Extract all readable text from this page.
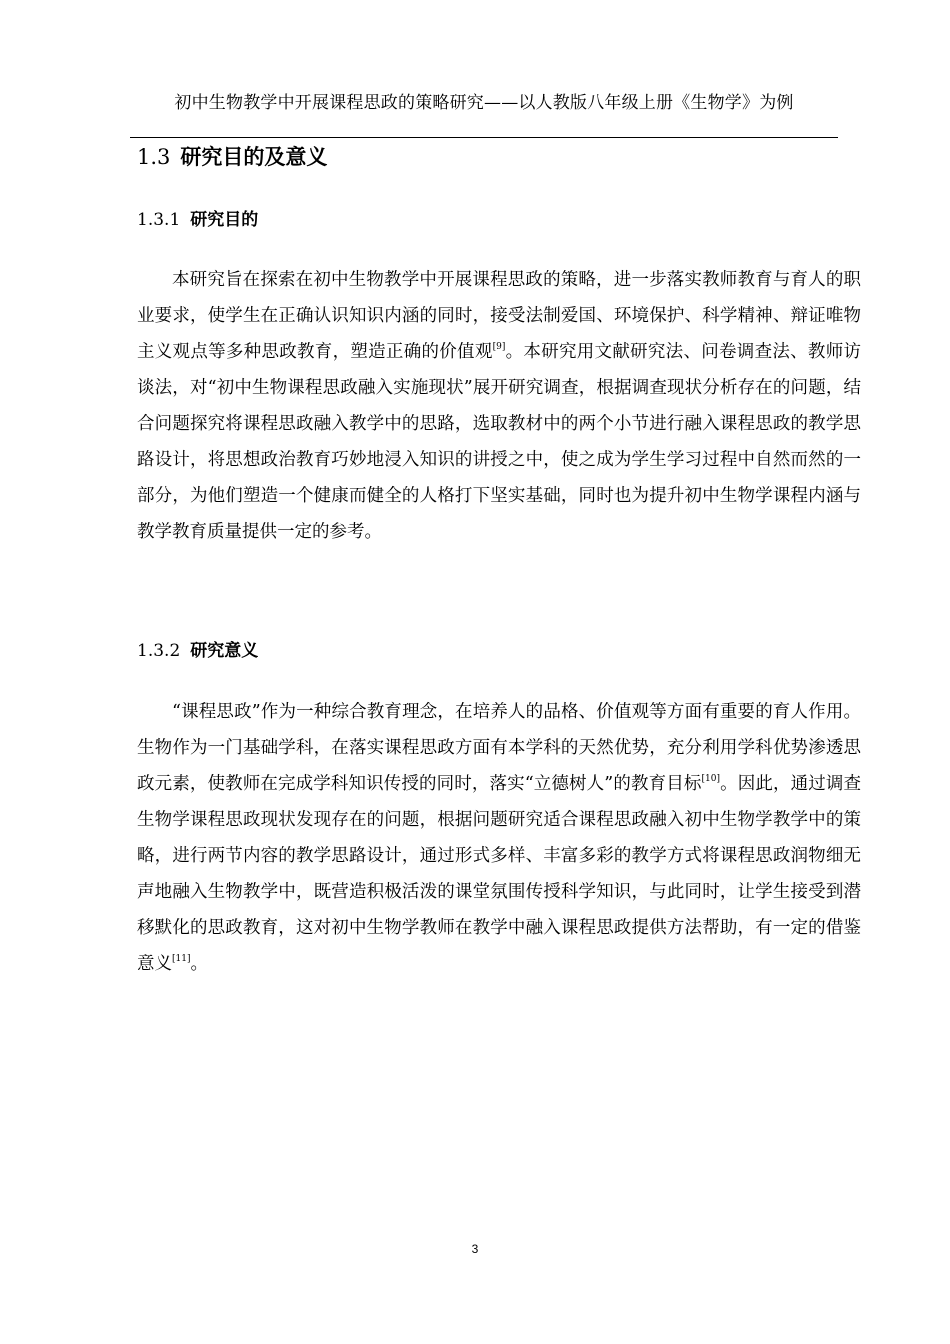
初中生物教学中开展课程思政的策略研究——以人教版八年级上册《生物学》为例
1.3 研究目的及意义
1.3.1 研究目的

本研究旨在探索在初中生物教学中开展课程思政的策略，进一步落实教师教育与育人的职业要求，使学生在正确认识知识内涵的同时，接受法制爱国、环境保护、科学精神、辩证唯物主义观点等多种思政教育，塑造正确的价值观[9]。本研究用文献研究法、问卷调查法、教师访谈法，对“初中生物课程思政融入实施现状”展开研究调查，根据调查现状分析存在的问题，结合问题探究将课程思政融入教学中的思路，选取教材中的两个小节进行融入课程思政的教学思路设计，将思想政治教育巧妙地浸入知识的讲授之中，使之成为学生学习过程中自然而然的一部分，为他们塑造一个健康而健全的人格打下坚实基础，同时也为提升初中生物学课程内涵与教学教育质量提供一定的参考。

1.3.2 研究意义

“课程思政”作为一种综合教育理念，在培养人的品格、价值观等方面有重要的育人作用。生物作为一门基础学科，在落实课程思政方面有本学科的天然优势，充分利用学科优势渗透思政元素，使教师在完成学科知识传授的同时，落实“立德树人”的教育目标[10]。因此，通过调查生物学课程思政现状发现存在的问题，根据问题研究适合课程思政融入初中生物学教学中的策略，进行两节内容的教学思路设计，通过形式多样、丰富多彩的教学方式将课程思政润物细无声地融入生物教学中，既营造积极活泼的课堂氛围传授科学知识，与此同时，让学生接受到潜移默化的思政教育，这对初中生物学教师在教学中融入课程思政提供方法帮助，有一定的借鉴意义[11]。

3
